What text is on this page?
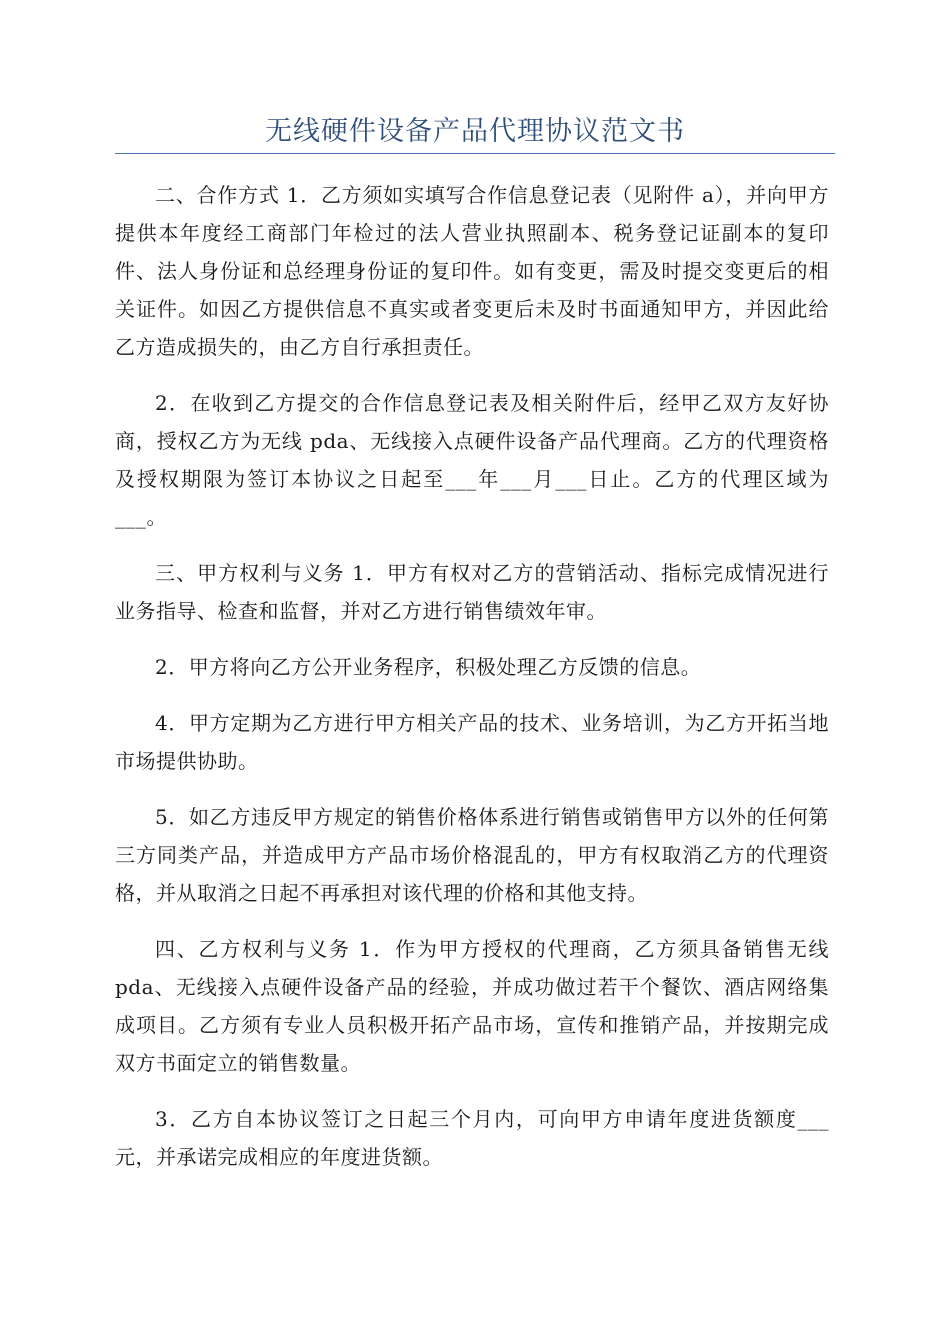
无线硬件设备产品代理协议范文书

二、合作方式 1．乙方须如实填写合作信息登记表（见附件 a），并向甲方提供本年度经工商部门年检过的法人营业执照副本、税务登记证副本的复印件、法人身份证和总经理身份证的复印件。如有变更，需及时提交变更后的相关证件。如因乙方提供信息不真实或者变更后未及时书面通知甲方，并因此给乙方造成损失的，由乙方自行承担责任。

2．在收到乙方提交的合作信息登记表及相关附件后，经甲乙双方友好协商，授权乙方为无线 pda、无线接入点硬件设备产品代理商。乙方的代理资格及授权期限为签订本协议之日起至___年___月___日止。乙方的代理区域为___。

三、甲方权利与义务 1．甲方有权对乙方的营销活动、指标完成情况进行业务指导、检查和监督，并对乙方进行销售绩效年审。

2．甲方将向乙方公开业务程序，积极处理乙方反馈的信息。

4．甲方定期为乙方进行甲方相关产品的技术、业务培训，为乙方开拓当地市场提供协助。

5．如乙方违反甲方规定的销售价格体系进行销售或销售甲方以外的任何第三方同类产品，并造成甲方产品市场价格混乱的，甲方有权取消乙方的代理资格，并从取消之日起不再承担对该代理的价格和其他支持。

四、乙方权利与义务 1．作为甲方授权的代理商，乙方须具备销售无线 pda、无线接入点硬件设备产品的经验，并成功做过若干个餐饮、酒店网络集成项目。乙方须有专业人员积极开拓产品市场，宣传和推销产品，并按期完成双方书面定立的销售数量。

3．乙方自本协议签订之日起三个月内，可向甲方申请年度进货额度___元，并承诺完成相应的年度进货额。
